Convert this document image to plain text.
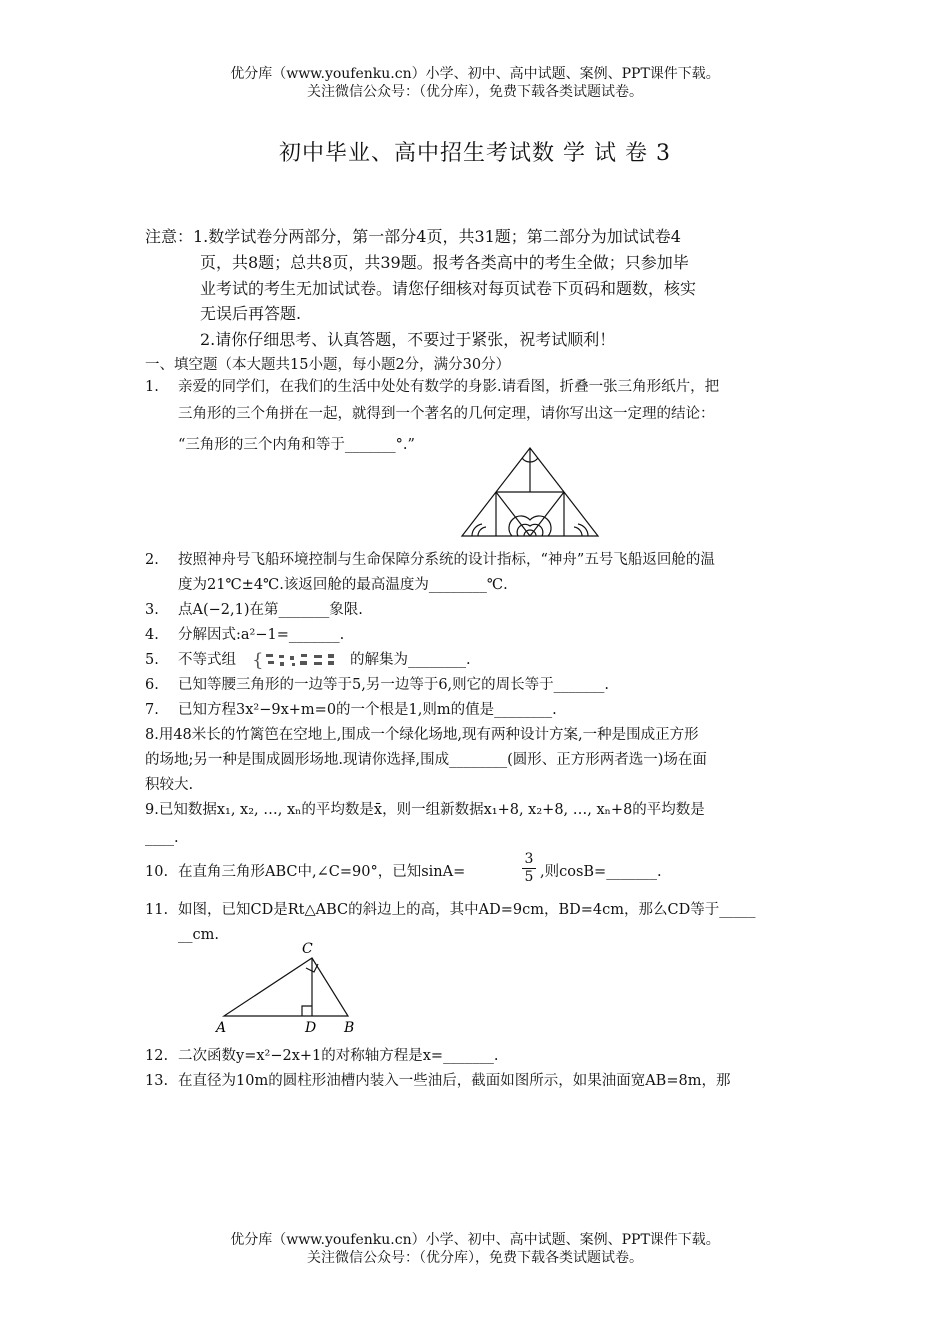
优分库（www.youfenku.cn）小学、初中、高中试题、案例、PPT课件下载。
关注微信公众号：（优分库），免费下载各类试题试卷。
初中毕业、高中招生考试数 学 试 卷 3
注意：1.数学试卷分两部分，第一部分4页，共31题；第二部分为加试试卷4
页，共8题；总共8页，共39题。报考各类高中的考生全做；只参加毕
业考试的考生无加试试卷。请您仔细核对每页试卷下页码和题数，核实
无误后再答题.
2.请你仔细思考、认真答题，不要过于紧张，祝考试顺利！
一、填空题（本大题共15小题，每小题2分，满分30分）
1. 亲爱的同学们，在我们的生活中处处有数学的身影.请看图，折叠一张三角形纸片，把
三角形的三个角拼在一起，就得到一个著名的几何定理，请你写出这一定理的结论：
“三角形的三个内角和等于_______°.”
2. 按照神舟号飞船环境控制与生命保障分系统的设计指标，“神舟”五号飞船返回舱的温
度为21℃±4℃.该返回舱的最高温度为________℃.
3. 点A(−2,1)在第_______象限.
4. 分解因式:a²−1=_______.
5. 不等式组 {	的解集为________.
6. 已知等腰三角形的一边等于5,另一边等于6,则它的周长等于_______.
7. 已知方程3x²−9x+m=0的一个根是1,则m的值是________.
8.用48米长的竹篱笆在空地上,围成一个绿化场地,现有两种设计方案,一种是围成正方形
的场地;另一种是围成圆形场地.现请你选择,围成________(圆形、正方形两者选一)场在面
积较大.
9.已知数据x₁, x₂, …, xₙ的平均数是x̄，则一组新数据x₁+8, x₂+8, …, xₙ+8的平均数是
____.
10. 在直角三角形ABC中,∠C=90°，已知sinA=	$\frac{3}{5}$ ,则cosB=_______.
11. 如图，已知CD是Rt△ABC的斜边上的高，其中AD=9cm，BD=4cm，那么CD等于_____
__cm.
A	B
C
D
12. 二次函数y=x²−2x+1的对称轴方程是x=_______.
13. 在直径为10m的圆柱形油槽内装入一些油后，截面如图所示，如果油面宽AB=8m，那
优分库（www.youfenku.cn）小学、初中、高中试题、案例、PPT课件下载。
关注微信公众号：（优分库），免费下载各类试题试卷。
